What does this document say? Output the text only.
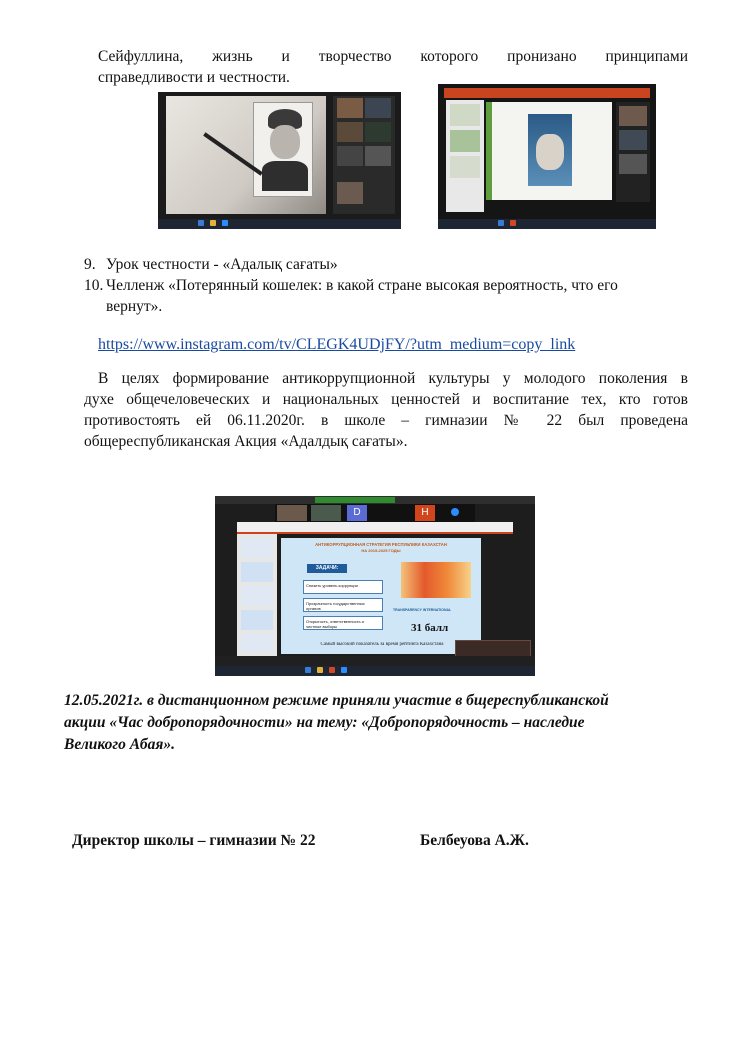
Сейфуллина, жизнь и творчество которого пронизано принципами
справедливости и честности.
9. Урок честности - «Адалық сағаты»
10. Челленж «Потерянный кошелек: в какой стране высокая вероятность, что его
вернут».
https://www.instagram.com/tv/CLEGK4UDjFY/?utm_medium=copy_link
В целях формирование антикоррупционной культуры у молодого поколения в
духе общечеловеческих и национальных ценностей и воспитание тех, кто готов
противостоять ей 06.11.2020г. в школе – гимназии № 22 был проведена
общереспубликанская Акция «Адалдық сағаты».
D	H
АНТИКОРРУПЦИОННАЯ СТРАТЕГИЯ РЕСПУБЛИКИ КАЗАХСТАН
НА 2015-2025 ГОДЫ
ЗАДАЧИ:
Снизить уровень коррупции
Прозрачность государственных органов
Открытость, ответственность и честные выборы
TRANSPARENCY INTERNATIONAL
31 балл
Самый высокий показатель за время рейтинга Казахстана
12.05.2021г. в дистанционном режиме приняли участие в бщереспубликанской
акции «Час добропорядочности» на тему: «Добропорядочность – наследие
Великого Абая».
Директор школы – гимназии № 22	Белбеуова А.Ж.
